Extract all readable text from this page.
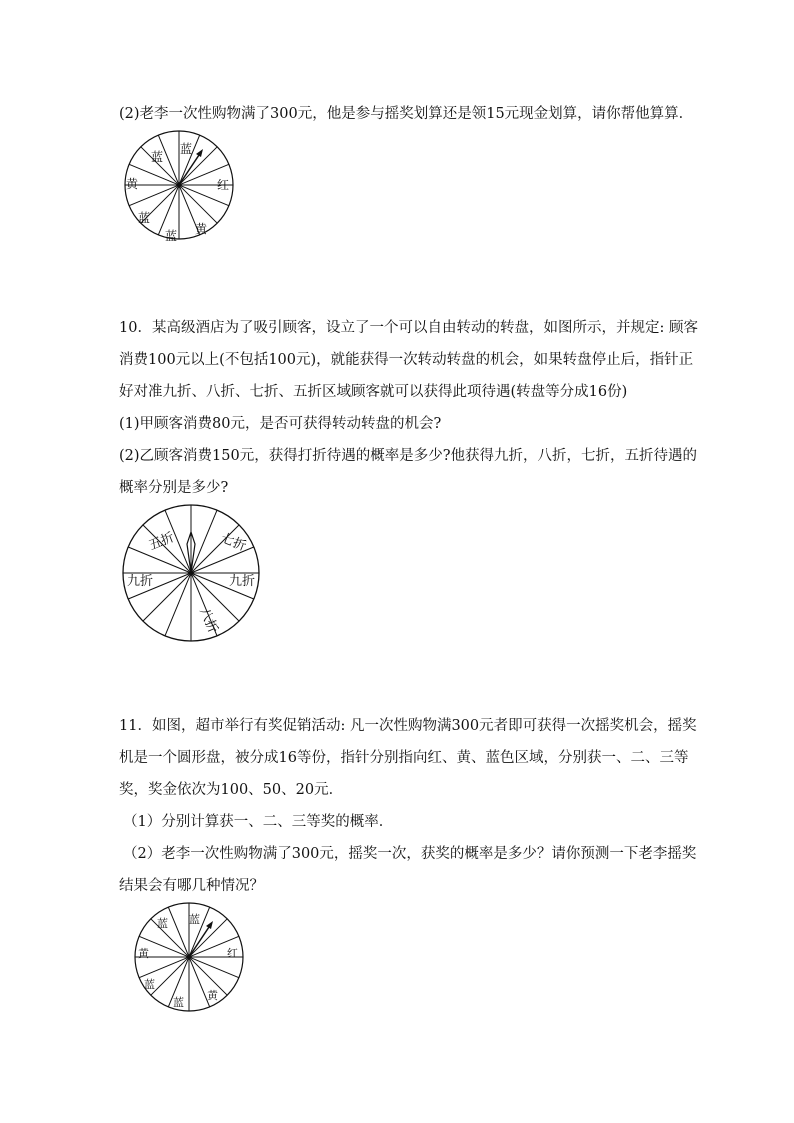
(2)老李一次性购物满了300元，他是参与摇奖划算还是领15元现金划算，请你帮他算算．
蓝
蓝
红
黄
蓝
蓝 黄
10．某高级酒店为了吸引顾客，设立了一个可以自由转动的转盘，如图所示，并规定: 顾客
消费100元以上(不包括100元)，就能获得一次转动转盘的机会，如果转盘停止后，指针正
好对准九折、八折、七折、五折区域顾客就可以获得此项待遇(转盘等分成16份)
(1)甲顾客消费80元，是否可获得转动转盘的机会?
(2)乙顾客消费150元，获得打折待遇的概率是多少?他获得九折，八折，七折，五折待遇的
概率分别是多少?
五折	七折
九折	九折
八折
11．如图，超市举行有奖促销活动: 凡一次性购物满300元者即可获得一次摇奖机会，摇奖
机是一个圆形盘，被分成16等份，指针分别指向红、黄、蓝色区域，分别获一、二、三等
奖，奖金依次为100、50、20元．
（1）分别计算获一、二、三等奖的概率．
（2）老李一次性购物满了300元，摇奖一次，获奖的概率是多少？请你预测一下老李摇奖
结果会有哪几种情况？
蓝 蓝
黄	红
蓝
黄
蓝
